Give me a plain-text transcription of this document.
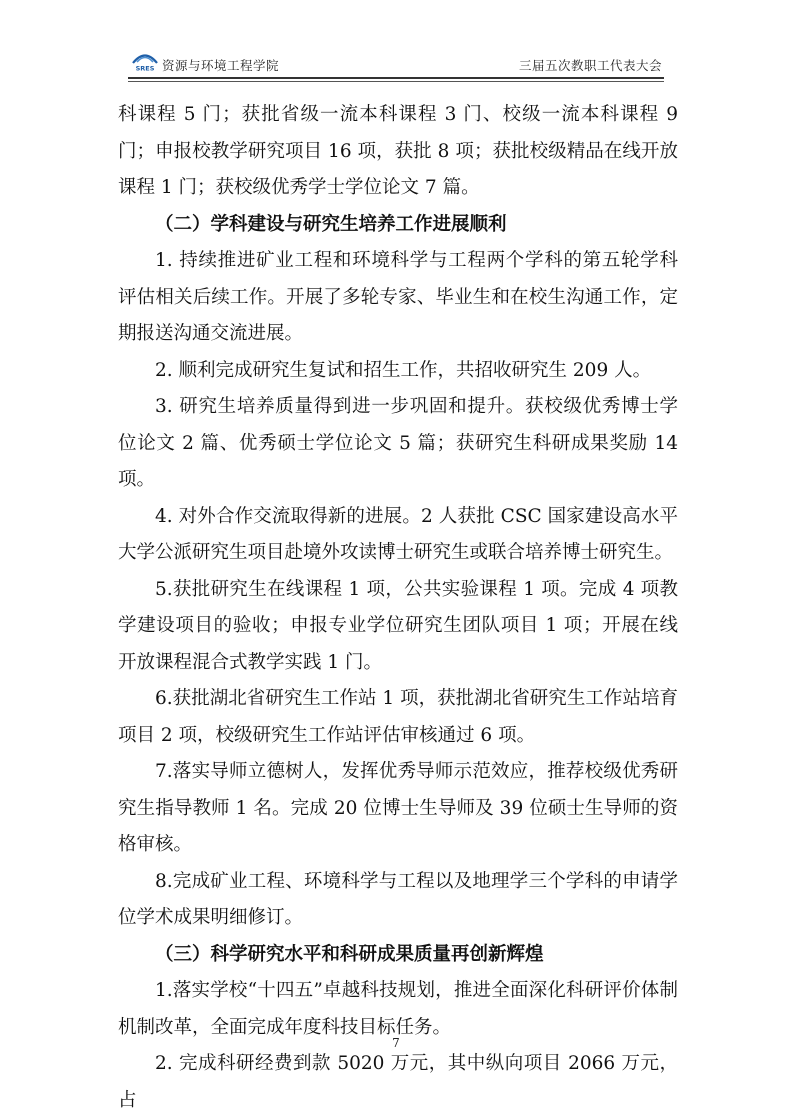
SRES 资源与环境工程学院	三届五次教职工代表大会

科课程 5 门；获批省级一流本科课程 3 门、校级一流本科课程 9 门；申报校教学研究项目 16 项，获批 8 项；获批校级精品在线开放课程 1 门；获校级优秀学士学位论文 7 篇。

（二）学科建设与研究生培养工作进展顺利

1. 持续推进矿业工程和环境科学与工程两个学科的第五轮学科评估相关后续工作。开展了多轮专家、毕业生和在校生沟通工作，定期报送沟通交流进展。

2. 顺利完成研究生复试和招生工作，共招收研究生 209 人。

3. 研究生培养质量得到进一步巩固和提升。获校级优秀博士学位论文 2 篇、优秀硕士学位论文 5 篇；获研究生科研成果奖励 14 项。

4. 对外合作交流取得新的进展。2 人获批 CSC 国家建设高水平大学公派研究生项目赴境外攻读博士研究生或联合培养博士研究生。

5.获批研究生在线课程 1 项，公共实验课程 1 项。完成 4 项教学建设项目的验收；申报专业学位研究生团队项目 1 项；开展在线开放课程混合式教学实践 1 门。

6.获批湖北省研究生工作站 1 项，获批湖北省研究生工作站培育项目 2 项，校级研究生工作站评估审核通过 6 项。

7.落实导师立德树人，发挥优秀导师示范效应，推荐校级优秀研究生指导教师 1 名。完成 20 位博士生导师及 39 位硕士生导师的资格审核。

8.完成矿业工程、环境科学与工程以及地理学三个学科的申请学位学术成果明细修订。

（三）科学研究水平和科研成果质量再创新辉煌

1.落实学校“十四五”卓越科技规划，推进全面深化科研评价体制机制改革，全面完成年度科技目标任务。

2. 完成科研经费到款 5020 万元，其中纵向项目 2066 万元，占

7
